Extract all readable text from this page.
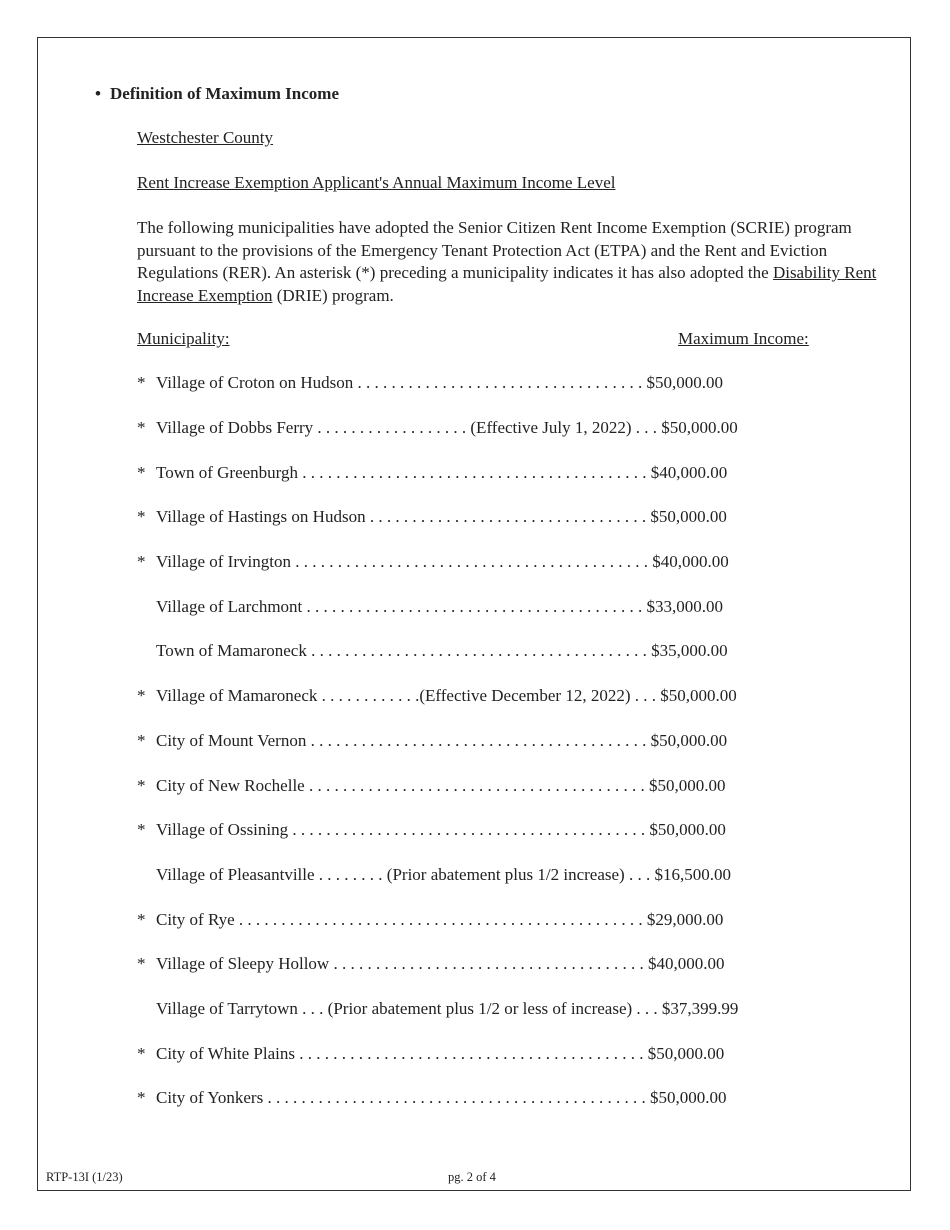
• Definition of Maximum Income
Westchester County
Rent Increase Exemption Applicant's Annual Maximum Income Level
The following municipalities have adopted the Senior Citizen Rent Income Exemption (SCRIE) program pursuant to the provisions of the Emergency Tenant Protection Act (ETPA) and the Rent and Eviction Regulations (RER). An asterisk (*) preceding a municipality indicates it has also adopted the Disability Rent Increase Exemption (DRIE) program.
Municipality:	Maximum Income:
* Village of Croton on Hudson . . . . . . . . . . . . . . . . . . . . . . . . . . . . . . . . . . $50,000.00
* Village of Dobbs Ferry . . . . . . . . . . . . . . . . . . (Effective July 1, 2022) . . . $50,000.00
* Town of Greenburgh . . . . . . . . . . . . . . . . . . . . . . . . . . . . . . . . . . . . . . . . . $40,000.00
* Village of Hastings on Hudson . . . . . . . . . . . . . . . . . . . . . . . . . . . . . . . . . $50,000.00
* Village of Irvington . . . . . . . . . . . . . . . . . . . . . . . . . . . . . . . . . . . . . . . . . . $40,000.00
Village of Larchmont . . . . . . . . . . . . . . . . . . . . . . . . . . . . . . . . . . . . . . . . $33,000.00
Town of Mamaroneck . . . . . . . . . . . . . . . . . . . . . . . . . . . . . . . . . . . . . . . . $35,000.00
* Village of Mamaroneck . . . . . . . . . . . .(Effective December 12, 2022) . . . $50,000.00
* City of Mount Vernon . . . . . . . . . . . . . . . . . . . . . . . . . . . . . . . . . . . . . . . . $50,000.00
* City of New Rochelle . . . . . . . . . . . . . . . . . . . . . . . . . . . . . . . . . . . . . . . . $50,000.00
* Village of Ossining . . . . . . . . . . . . . . . . . . . . . . . . . . . . . . . . . . . . . . . . . . $50,000.00
Village of Pleasantville . . . . . . . . (Prior abatement plus 1/2 increase) . . . $16,500.00
* City of Rye . . . . . . . . . . . . . . . . . . . . . . . . . . . . . . . . . . . . . . . . . . . . . . . . $29,000.00
* Village of Sleepy Hollow . . . . . . . . . . . . . . . . . . . . . . . . . . . . . . . . . . . . . $40,000.00
Village of Tarrytown . . . (Prior abatement plus 1/2 or less of increase) . . . $37,399.99
* City of White Plains . . . . . . . . . . . . . . . . . . . . . . . . . . . . . . . . . . . . . . . . . $50,000.00
* City of Yonkers . . . . . . . . . . . . . . . . . . . . . . . . . . . . . . . . . . . . . . . . . . . . . $50,000.00
RTP-13I (1/23)	pg. 2 of 4
